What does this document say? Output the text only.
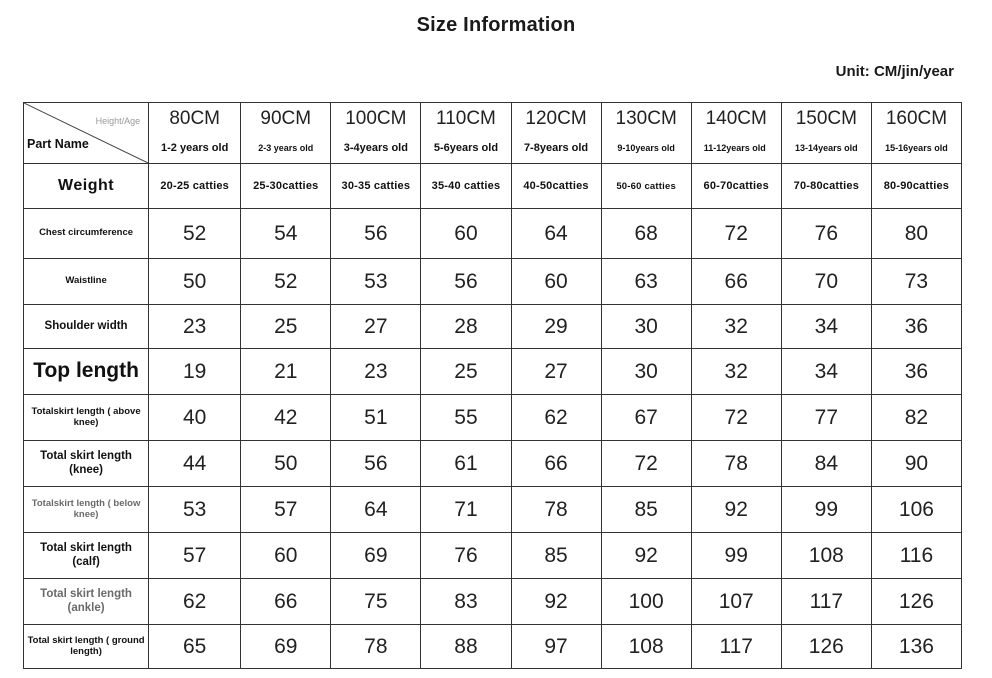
Size Information
Unit: CM/jin/year
Height/Age
Part Name	80CM	90CM	100CM	110CM	120CM	130CM	140CM	150CM	160CM
	1-2 years old	2-3 years old	3-4years old	5-6years old	7-8years old	9-10years old	11-12years old	13-14years old	15-16years old
Weight	20-25 catties	25-30catties	30-35 catties	35-40 catties	40-50catties	50-60 catties	60-70catties	70-80catties	80-90catties
Chest circumference	52	54	56	60	64	68	72	76	80
Waistline	50	52	53	56	60	63	66	70	73
Shoulder width	23	25	27	28	29	30	32	34	36
Top length	19	21	23	25	27	30	32	34	36
Totalskirt length ( above knee)	40	42	51	55	62	67	72	77	82
Total skirt length (knee)	44	50	56	61	66	72	78	84	90
Totalskirt length ( below knee)	53	57	64	71	78	85	92	99	106
Total skirt length (calf)	57	60	69	76	85	92	99	108	116
Total skirt length (ankle)	62	66	75	83	92	100	107	117	126
Total skirt length ( ground length)	65	69	78	88	97	108	117	126	136
